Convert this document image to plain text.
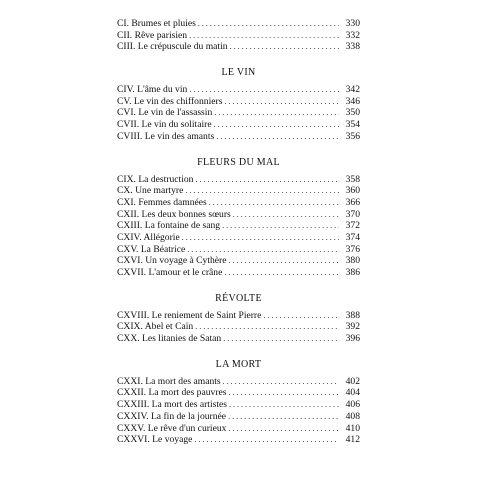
CI. Brumes et pluies . . .	330
CII. Rêve parisien . . .	332
CIII. Le crépuscule du matin . . .	338
LE VIN
CIV. L'âme du vin . . .	342
CV. Le vin des chiffonniers . . .	346
CVI. Le vin de l'assassin . . .	350
CVII. Le vin du solitaire . . .	354
CVIII. Le vin des amants . . .	356
FLEURS DU MAL
CIX. La destruction . . .	358
CX. Une martyre . . .	360
CXI. Femmes damnées . . .	366
CXII. Les deux bonnes sœurs . . .	370
CXIII. La fontaine de sang . . .	372
CXIV. Allégorie . . .	374
CXV. La Béatrice . . .	376
CXVI. Un voyage à Cythère . . .	380
CXVII. L'amour et le crâne . . .	386
RÉVOLTE
CXVIII. Le reniement de Saint Pierre . . .	388
CXIX. Abel et Caïn . . .	392
CXX. Les litanies de Satan . . .	396
LA MORT
CXXI. La mort des amants . . .	402
CXXII. La mort des pauvres . . .	404
CXXIII. La mort des artistes . . .	406
CXXIV. La fin de la journée . . .	408
CXXV. Le rêve d'un curieux . . .	410
CXXVI. Le voyage . . .	412
